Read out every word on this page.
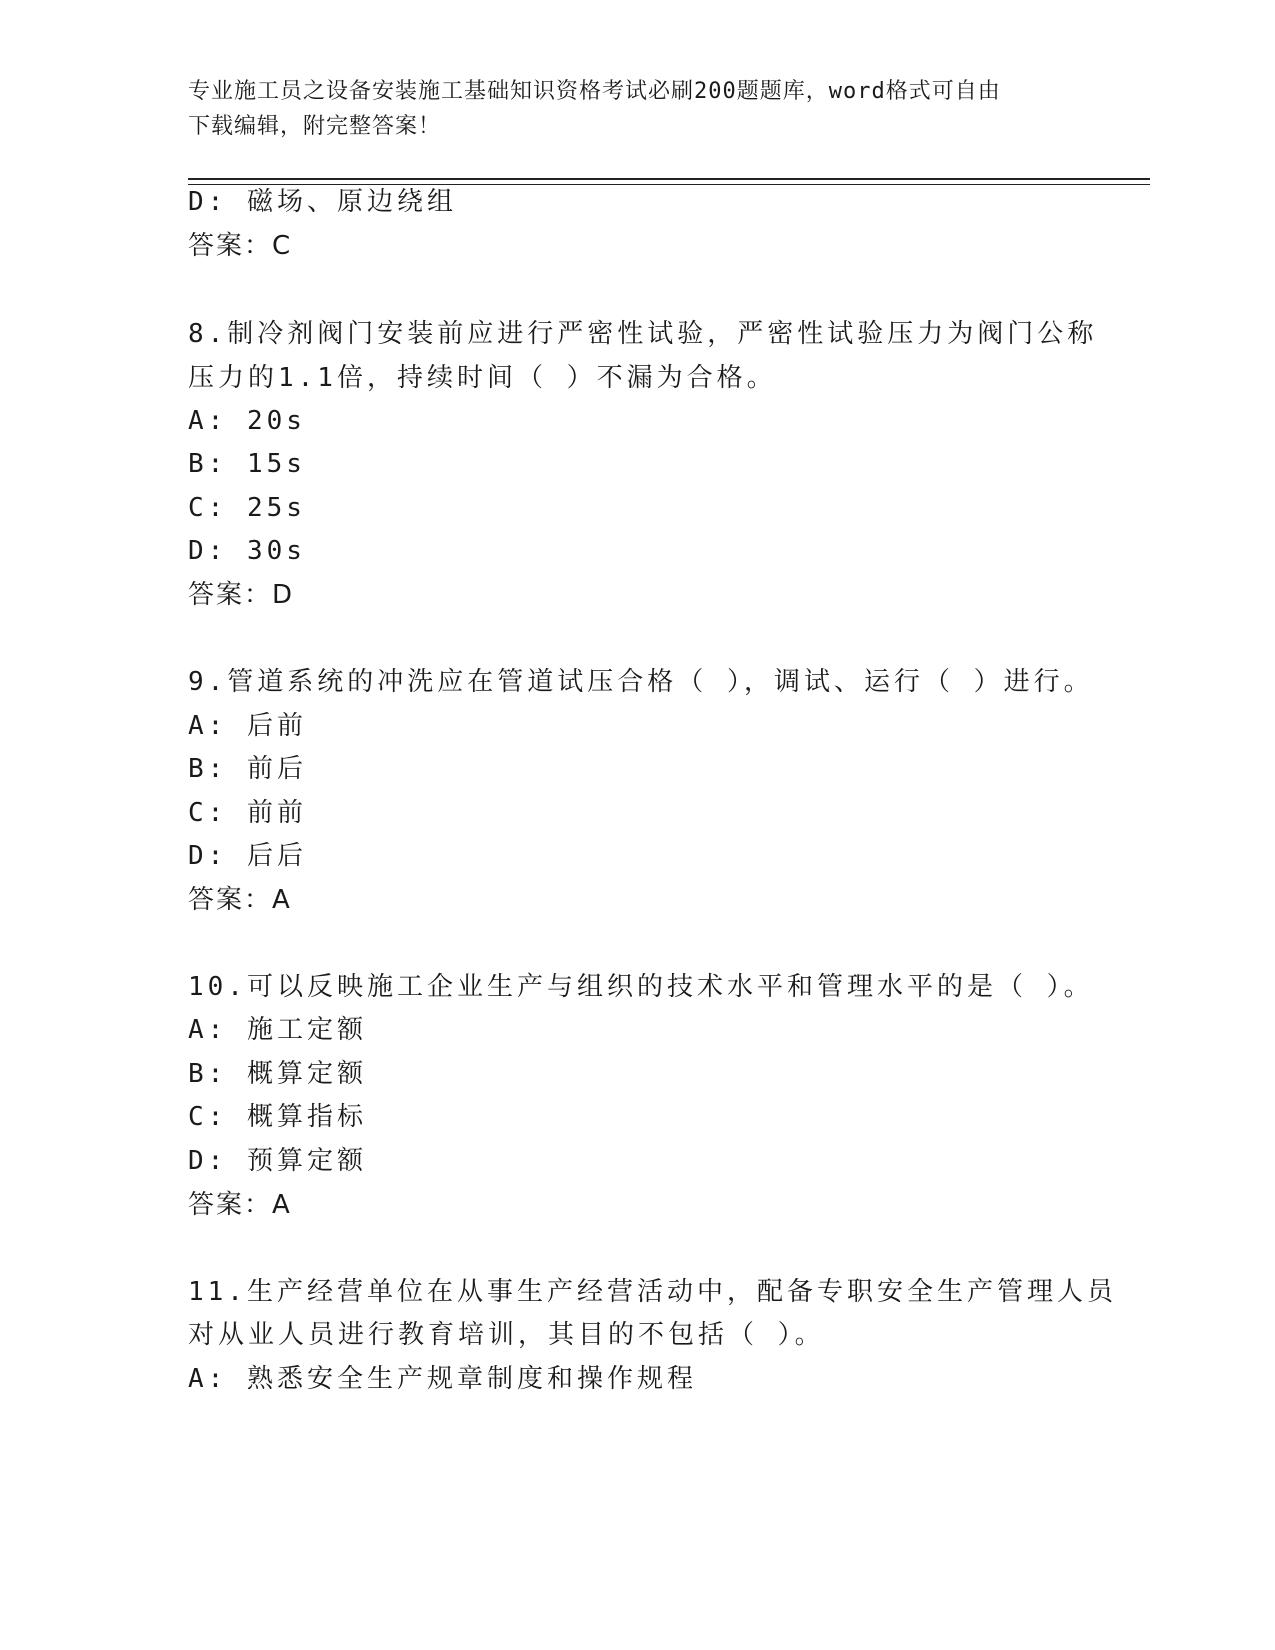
专业施工员之设备安装施工基础知识资格考试必刷200题题库，word格式可自由
下载编辑，附完整答案！
D: 磁场、原边绕组
答案：C
8.制冷剂阀门安装前应进行严密性试验，严密性试验压力为阀门公称
压力的1.1倍，持续时间（ ）不漏为合格。
A: 20s
B: 15s
C: 25s
D: 30s
答案：D
9.管道系统的冲洗应在管道试压合格（ ），调试、运行（ ）进行。
A: 后前
B: 前后
C: 前前
D: 后后
答案：A
10.可以反映施工企业生产与组织的技术水平和管理水平的是（ ）。
A: 施工定额
B: 概算定额
C: 概算指标
D: 预算定额
答案：A
11.生产经营单位在从事生产经营活动中，配备专职安全生产管理人员
对从业人员进行教育培训，其目的不包括（ ）。
A: 熟悉安全生产规章制度和操作规程
